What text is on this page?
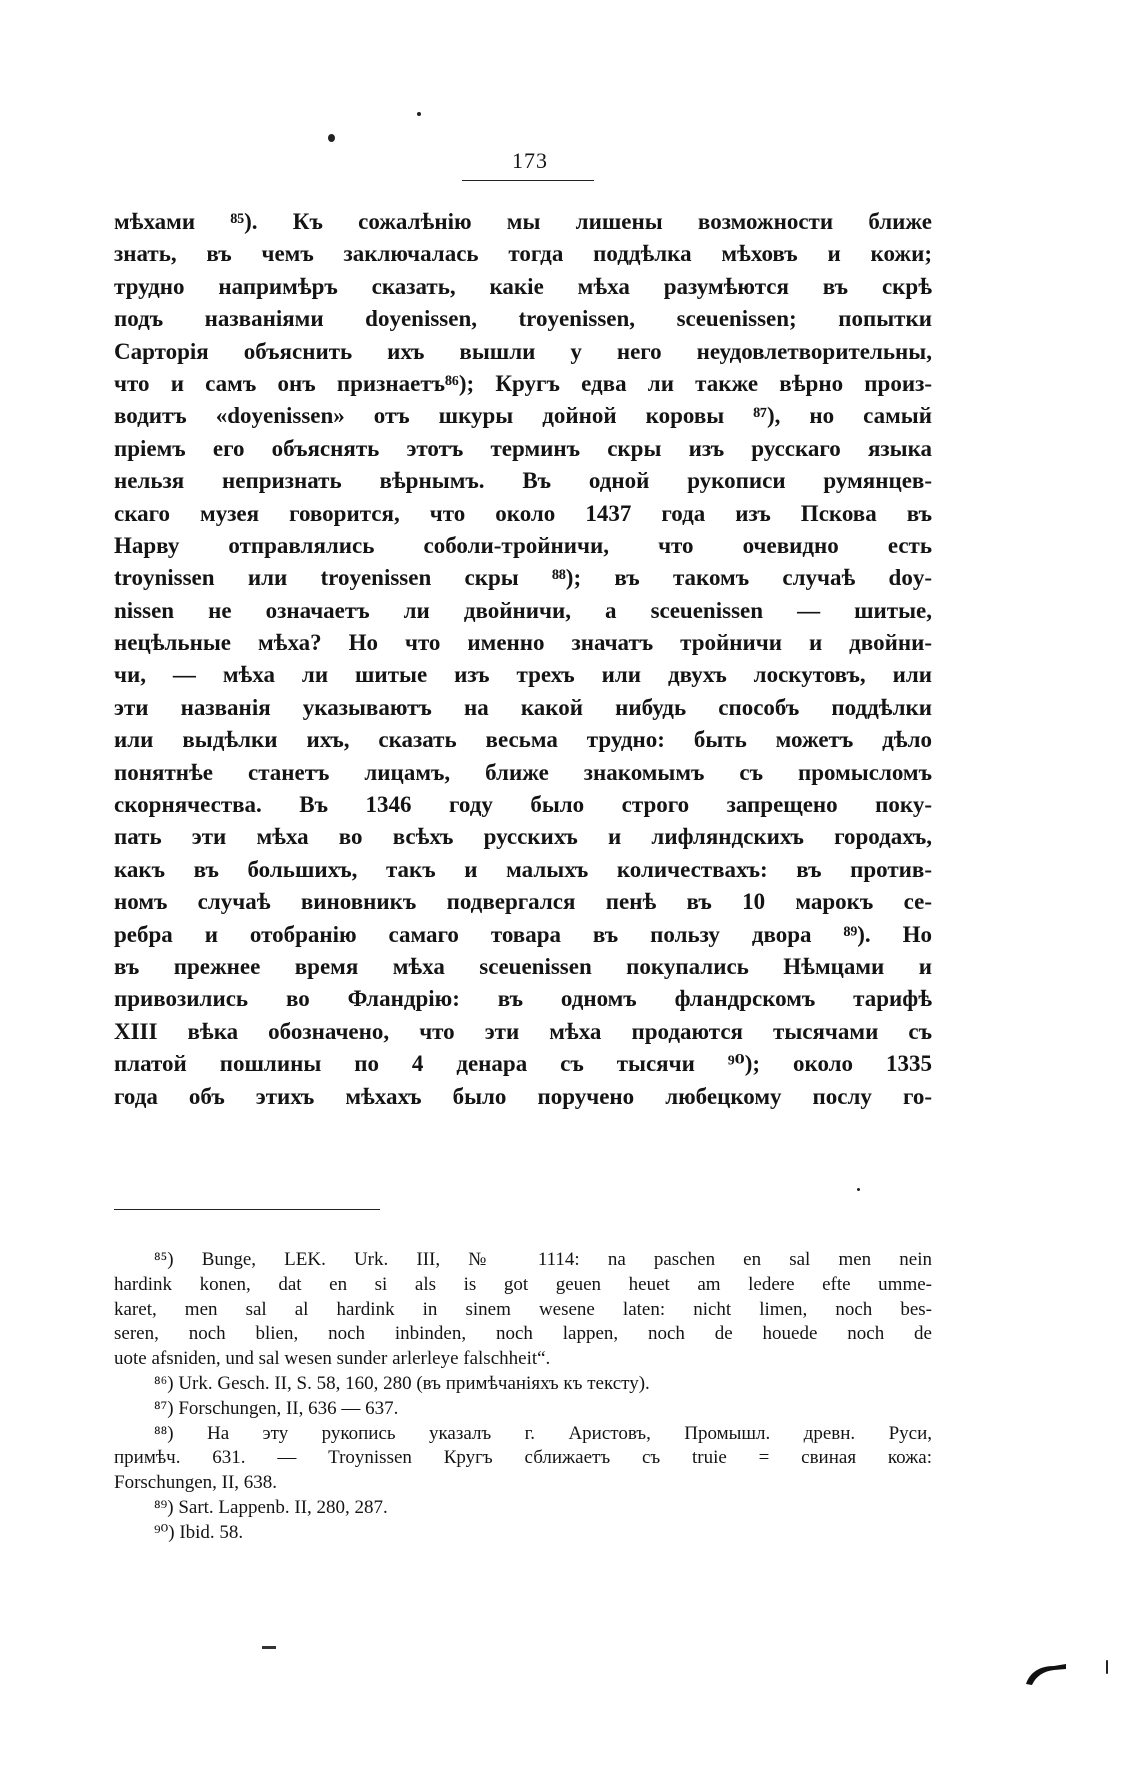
173
мѣхами ⁸⁵). Къ сожалѣнію мы лишены возможности ближе
знать, въ чемъ заключалась тогда поддѣлка мѣховъ и кожи;
трудно напримѣръ сказать, какіе мѣха разумѣются въ скрѣ
подъ названіями doyenissen, troyenissen, sceuenissen; попытки
Сарторія объяснить ихъ вышли у него неудовлетворительны,
что и самъ онъ признаетъ⁸⁶); Кругъ едва ли также вѣрно произ-
водитъ «doyenissen» отъ шкуры дойной коровы ⁸⁷), но самый
пріемъ его объяснять этотъ терминъ скры изъ русскаго языка
нельзя непризнать вѣрнымъ. Въ одной рукописи румянцев-
скаго музея говорится, что около 1437 года изъ Пскова въ
Нарву отправлялись соболи-тройничи, что очевидно есть
troynissen или troyenissen скры ⁸⁸); въ такомъ случаѣ doy-
nissen не означаетъ ли двойничи, а sceuenissen — шитые,
нецѣльные мѣха? Но что именно значатъ тройничи и двойни-
чи, — мѣха ли шитые изъ трехъ или двухъ лоскутовъ, или
эти названія указываютъ на какой нибудь способъ поддѣлки
или выдѣлки ихъ, сказать весьма трудно: быть можетъ дѣло
понятнѣе станетъ лицамъ, ближе знакомымъ съ промысломъ
скорнячества. Въ 1346 году было строго запрещено поку-
пать эти мѣха во всѣхъ русскихъ и лифляндскихъ городахъ,
какъ въ большихъ, такъ и малыхъ количествахъ: въ против-
номъ случаѣ виновникъ подвергался пенѣ въ 10 марокъ се-
ребра и отобранію самаго товара въ пользу двора ⁸⁹). Но
въ прежнее время мѣха sceuenissen покупались Нѣмцами и
привозились во Фландрію: въ одномъ фландрскомъ тарифѣ
XIII вѣка обозначено, что эти мѣха продаются тысячами съ
платой пошлины по 4 денара съ тысячи ⁹⁰); около 1335
года объ этихъ мѣхахъ было поручено любецкому послу го-
⁸⁵) Bunge, LEK. Urk. III, № 1114: na paschen en sal men nein
hardink konen, dat en si als is got geuen heuet am ledere efte umme-
karet, men sal al hardink in sinem wesene laten: nicht limen, noch bes-
seren, noch blien, noch inbinden, noch lappen, noch de houede noch de
uote afsniden, und sal wesen sunder arlerleye falschheit“.
⁸⁶) Urk. Gesch. II, S. 58, 160, 280 (въ примѣчаніяхъ къ тексту).
⁸⁷) Forschungen, II, 636 — 637.
⁸⁸) На эту рукопись указалъ г. Аристовъ, Промышл. древн. Руси,
примѣч. 631. — Troynissen Кругъ сближаетъ съ truie = свиная кожа:
Forschungen, II, 638.
⁸⁹) Sart. Lappenb. II, 280, 287.
⁹⁰) Ibid. 58.
